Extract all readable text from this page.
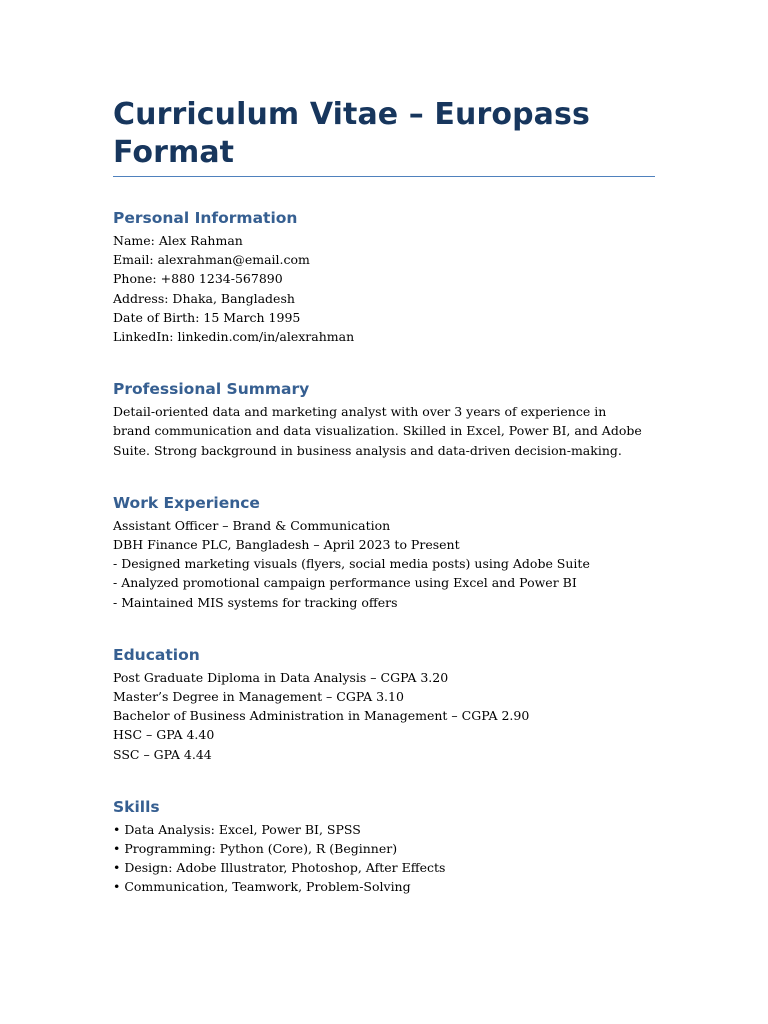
Curriculum Vitae – Europass Format
Personal Information

Name: Alex Rahman

Email: alexrahman@email.com

Phone: +880 1234-567890

Address: Dhaka, Bangladesh

Date of Birth: 15 March 1995

LinkedIn: linkedin.com/in/alexrahman

Professional Summary

Detail-oriented data and marketing analyst with over 3 years of experience in brand communication and data visualization. Skilled in Excel, Power BI, and Adobe Suite. Strong background in business analysis and data-driven decision-making.

Work Experience

Assistant Officer – Brand & Communication

DBH Finance PLC, Bangladesh – April 2023 to Present

- Designed marketing visuals (flyers, social media posts) using Adobe Suite

- Analyzed promotional campaign performance using Excel and Power BI

- Maintained MIS systems for tracking offers

Education

Post Graduate Diploma in Data Analysis – CGPA 3.20

Master’s Degree in Management – CGPA 3.10

Bachelor of Business Administration in Management – CGPA 2.90

HSC – GPA 4.40

SSC – GPA 4.44

Skills

• Data Analysis: Excel, Power BI, SPSS

• Programming: Python (Core), R (Beginner)

• Design: Adobe Illustrator, Photoshop, After Effects

• Communication, Teamwork, Problem-Solving
